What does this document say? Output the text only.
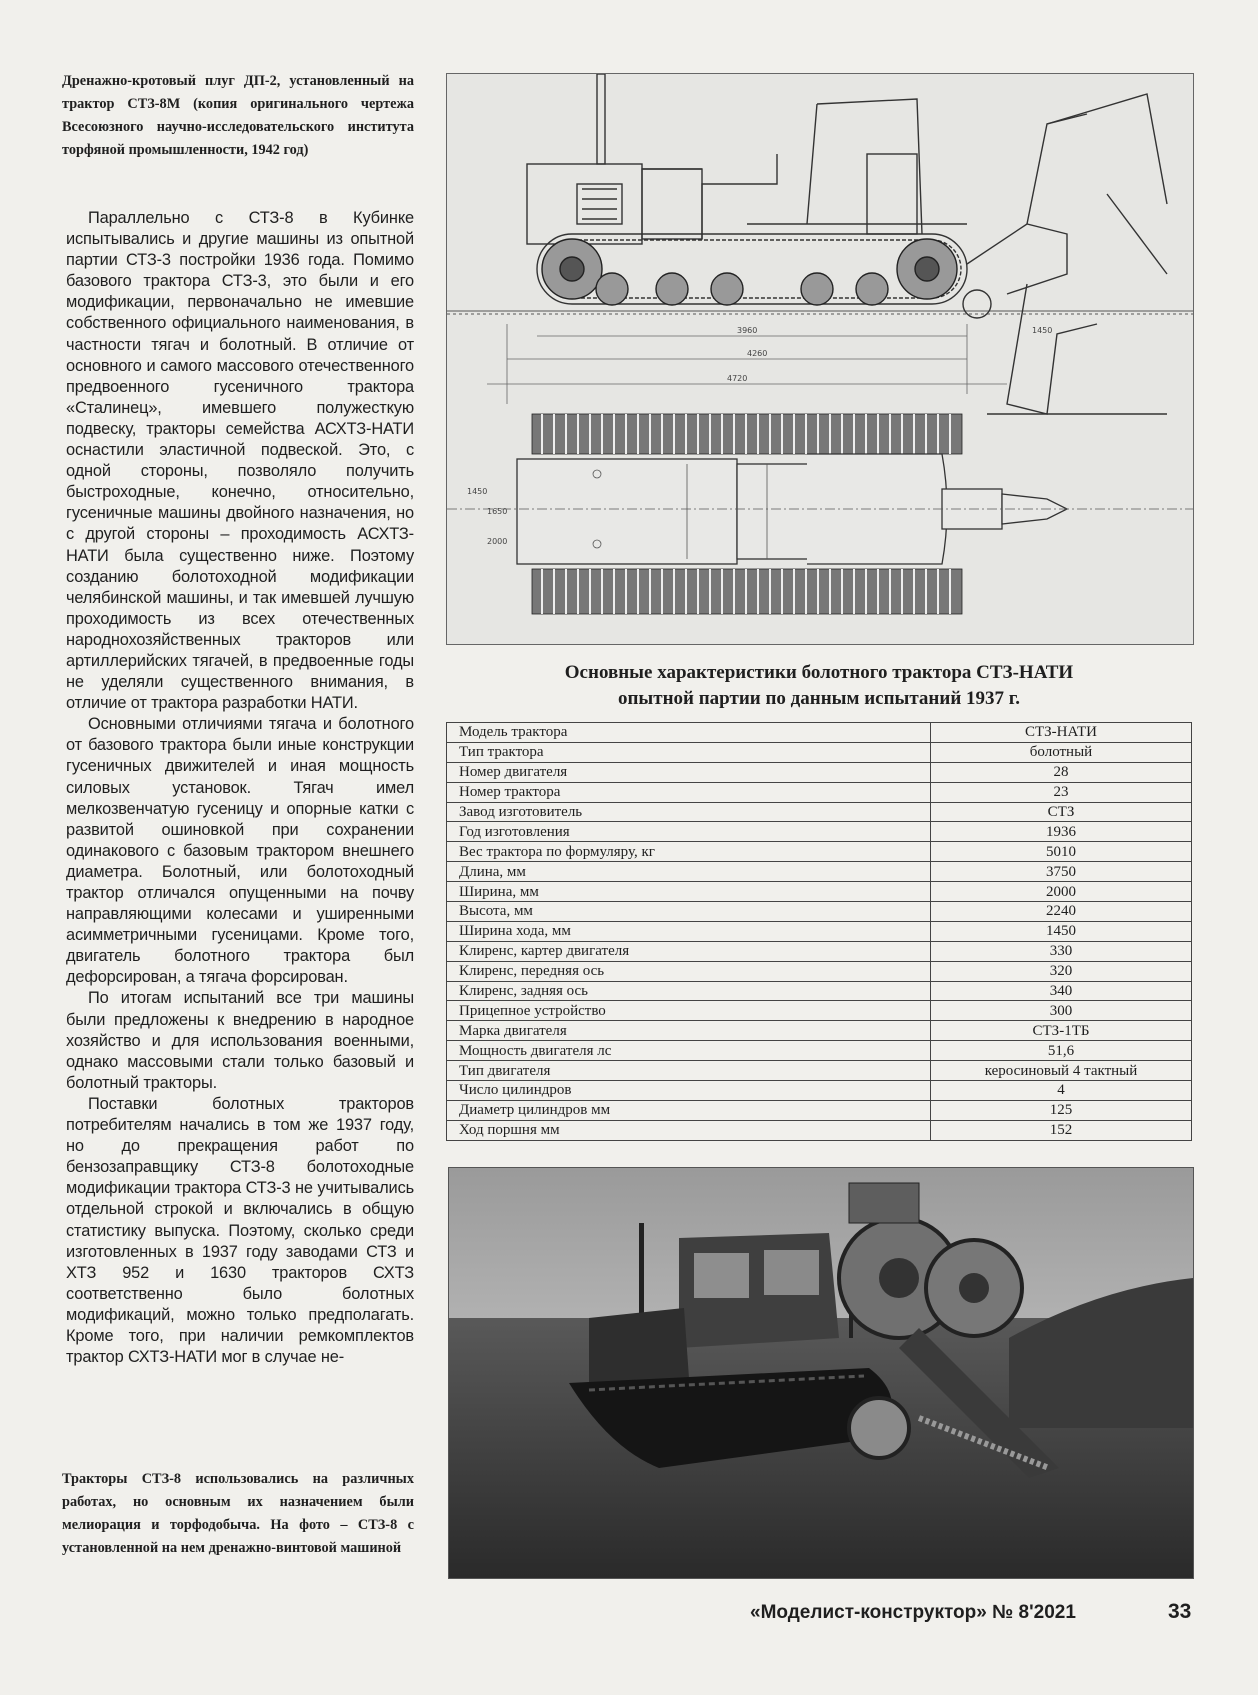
Дренажно-кротовый плуг ДП-2, установленный на трактор СТЗ-8М (копия оригинального чертежа Всесоюзного научно-исследовательского института торфяной промышленности, 1942 год)

Параллельно с СТЗ-8 в Кубинке испытывались и другие машины из опытной партии СТЗ-3 постройки 1936 года. Помимо базового трактора СТЗ-3, это были и его модификации, первоначально не имевшие собственного официального наименования, в частности тягач и болотный. В отличие от основного и самого массового отечественного предвоенного гусеничного трактора «Сталинец», имевшего полужесткую подвеску, тракторы семейства АСХТЗ-НАТИ оснастили эластичной подвеской. Это, с одной стороны, позволяло получить быстроходные, конечно, относительно, гусеничные машины двойного назначения, но с другой стороны – проходимость АСХТЗ-НАТИ была существенно ниже. Поэтому созданию болотоходной модификации челябинской машины, и так имевшей лучшую проходимость из всех отечественных народнохозяйственных тракторов или артиллерийских тягачей, в предвоенные годы не уделяли существенного внимания, в отличие от трактора разработки НАТИ.

Основными отличиями тягача и болотного от базового трактора были иные конструкции гусеничных движителей и иная мощность силовых установок. Тягач имел мелкозвенчатую гусеницу и опорные катки с развитой ошиновкой при сохранении одинакового с базовым трактором внешнего диаметра. Болотный, или болотоходный трактор отличался опущенными на почву направляющими колесами и уширенными асимметричными гусеницами. Кроме того, двигатель болотного трактора был дефорсирован, а тягача форсирован.

По итогам испытаний все три машины были предложены к внедрению в народное хозяйство и для использования военными, однако массовыми стали только базовый и болотный тракторы.

Поставки болотных тракторов потребителям начались в том же 1937 году, но до прекращения работ по бензозаправщику СТЗ-8 болотоходные модификации трактора СТЗ-3 не учитывались отдельной строкой и включались в общую статистику выпуска. Поэтому, сколько среди изготовленных в 1937 году заводами СТЗ и ХТЗ 952 и 1630 тракторов СХТЗ соответственно было болотных модификаций, можно только предполагать. Кроме того, при наличии ремкомплектов трактор СХТЗ-НАТИ мог в случае не-

Тракторы СТЗ-8 использовались на различных работах, но основным их назначением были мелиорация и торфодобыча. На фото – СТЗ-8 с установленной на нем дренажно-винтовой машиной
3960
4260
4720
1450
1450
1650
2000
Основные характеристики болотного трактора СТЗ-НАТИ
опытной партии по данным испытаний 1937 г.
Модель трактора	СТЗ-НАТИ
Тип трактора	болотный
Номер двигателя	28
Номер трактора	23
Завод изготовитель	СТЗ
Год изготовления	1936
Вес трактора по формуляру, кг	5010
Длина, мм	3750
Ширина, мм	2000
Высота, мм	2240
Ширина хода, мм	1450
Клиренс, картер двигателя	330
Клиренс, передняя ось	320
Клиренс, задняя ось	340
Прицепное устройство	300
Марка двигателя	СТЗ-1ТБ
Мощность двигателя лс	51,6
Тип двигателя	керосиновый 4 тактный
Число цилиндров	4
Диаметр цилиндров мм	125
Ход поршня мм	152
«Моделист-конструктор» № 8'2021	33
